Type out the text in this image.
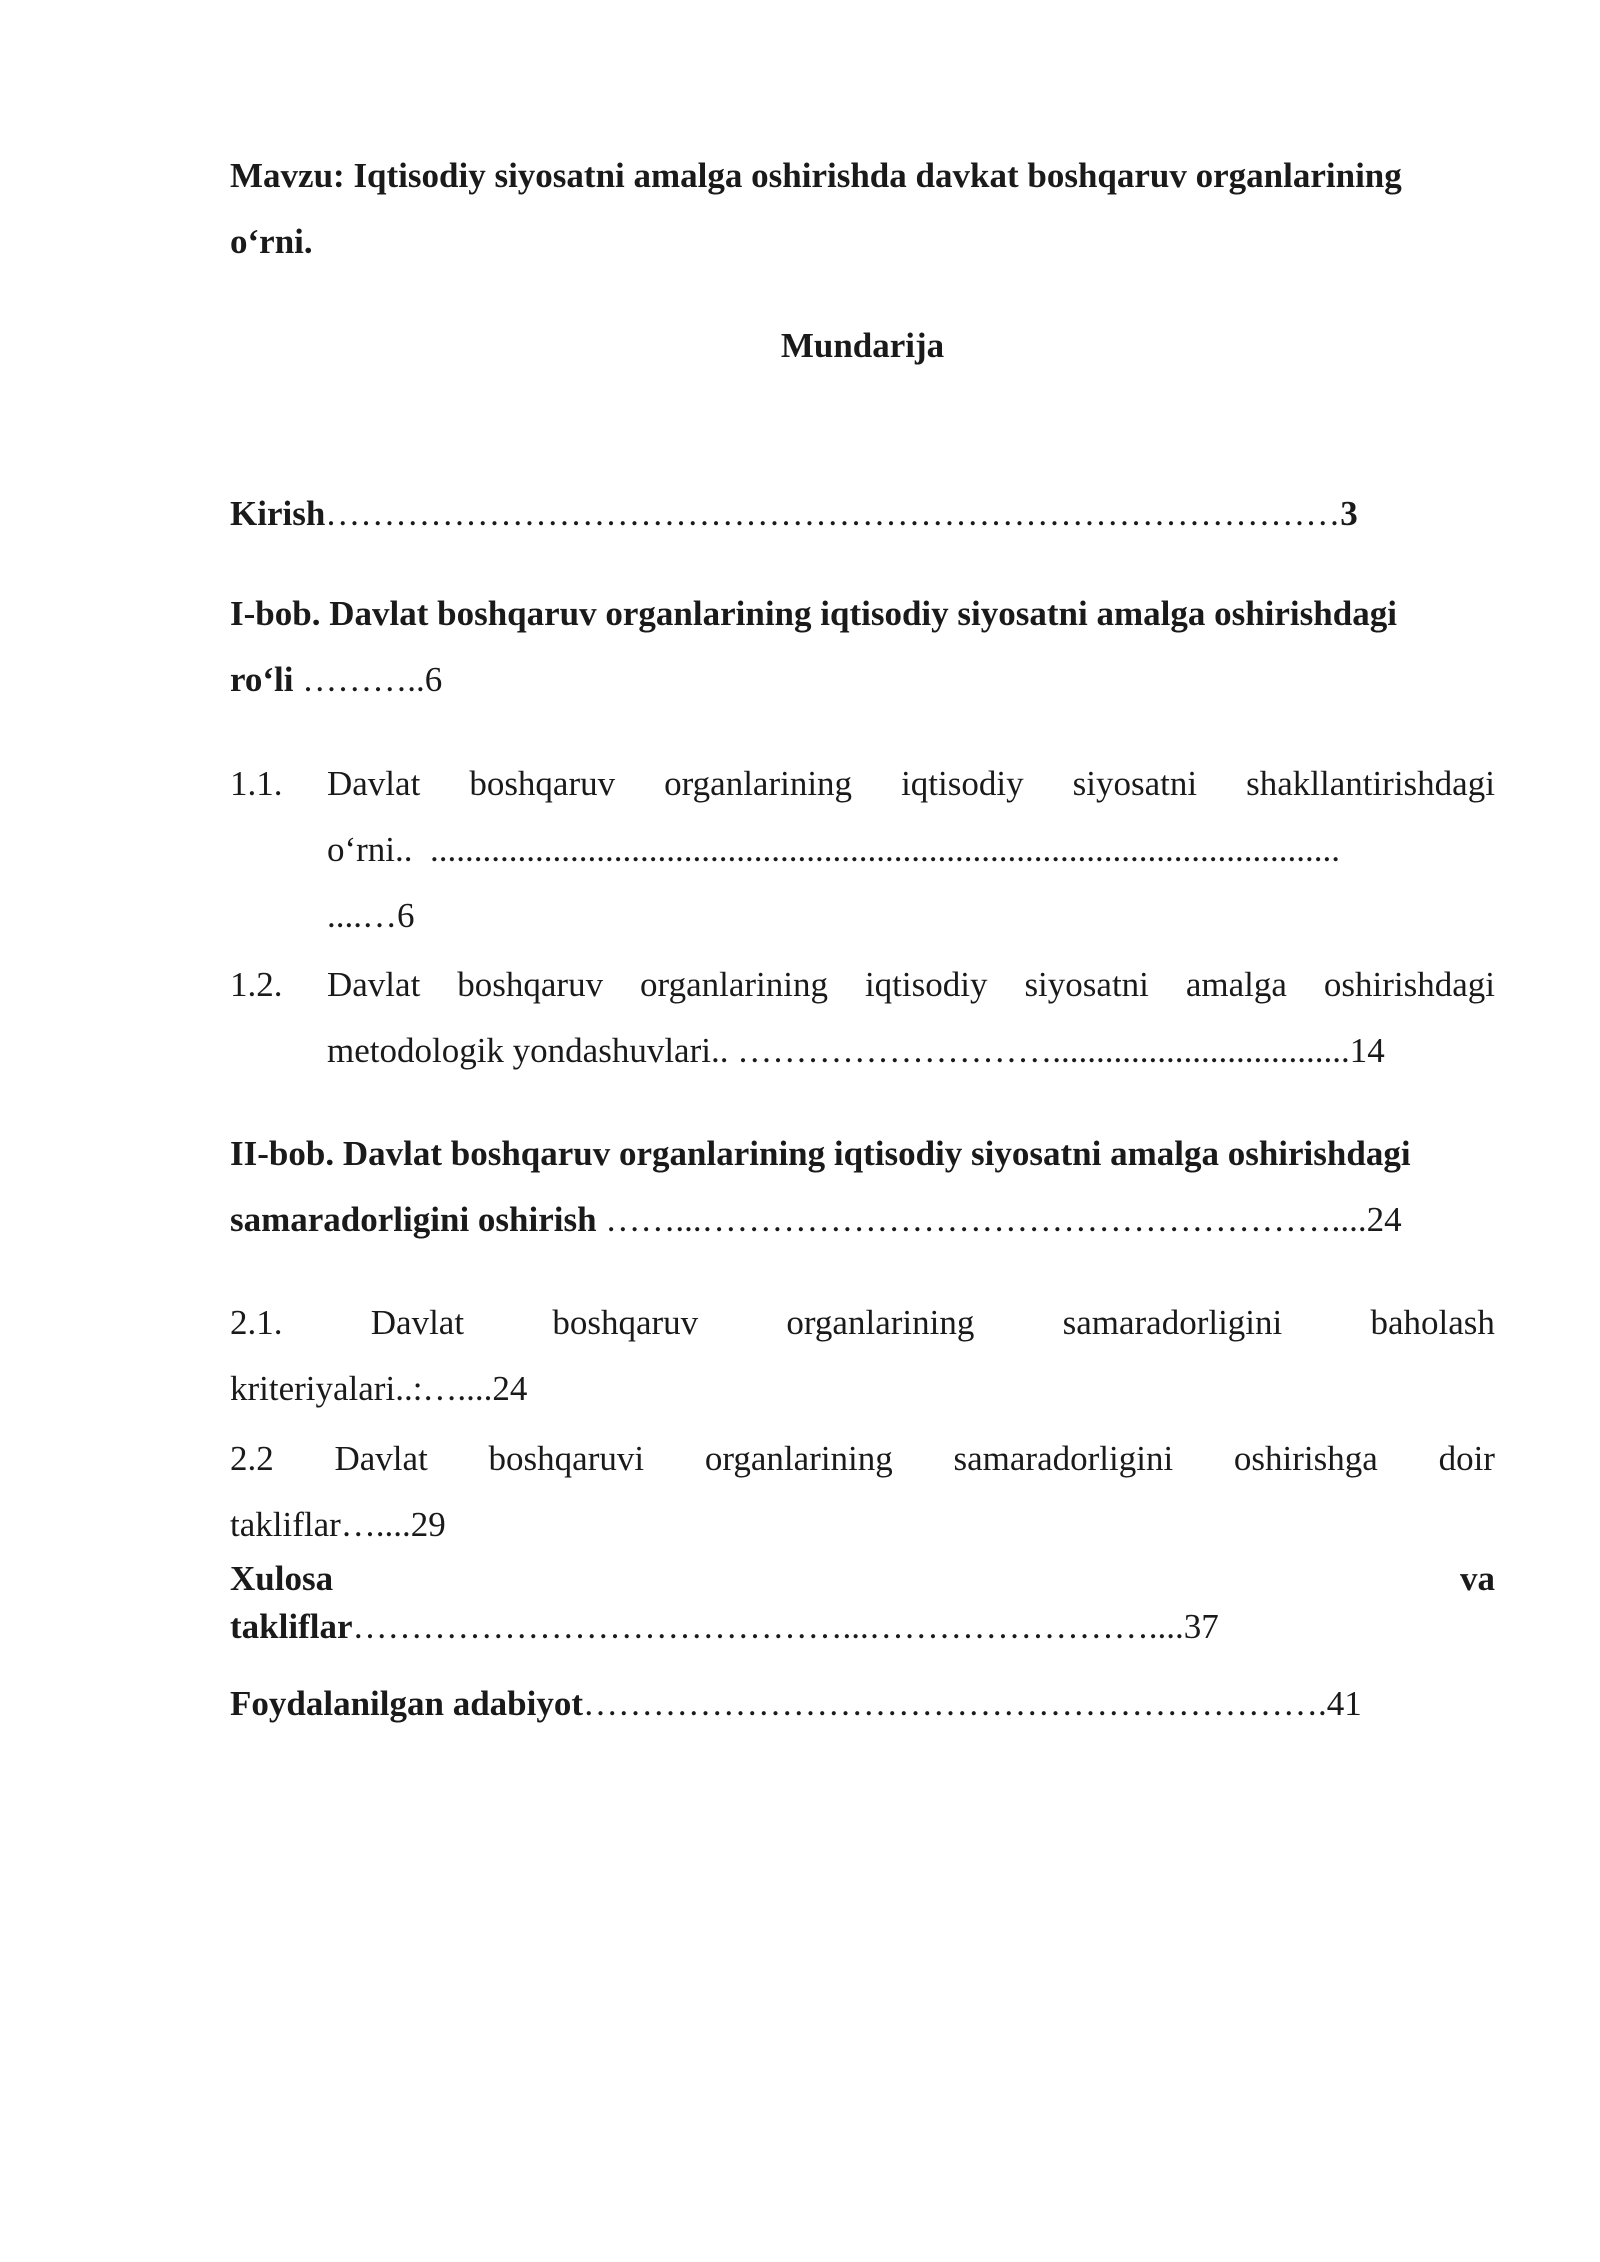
Mavzu: Iqtisodiy siyosatni amalga oshirishda davkat boshqaruv organlarining
o‘rni.
Mundarija
Kirish……………………………………………………………………………3
I-bob. Davlat boshqaruv organlarining iqtisodiy siyosatni amalga oshirishdagi
ro‘li ………..6
1.1.	Davlat boshqaruv organlarining iqtisodiy siyosatni shakllantirishdagi
o‘rni..  ........................................................................................................
....…6
1.2.	Davlat boshqaruv organlarining iqtisodiy siyosatni amalga oshirishdagi
metodologik yondashuvlari.. ………………………..................................14
II-bob. Davlat boshqaruv organlarining iqtisodiy siyosatni amalga oshirishdagi
samaradorligini oshirish ……...………………………………………………....24
2.1.	Davlat	boshqaruv	organlarining	samaradorligini	baholash
kriteriyalari..:…....24
2.2 Davlat boshqaruvi organlarining samaradorligini oshirishga doir
takliflar…....29
Xulosa	va
takliflar……………………………………...……………………....37
Foydalanilgan adabiyot……………………………………………………….41
